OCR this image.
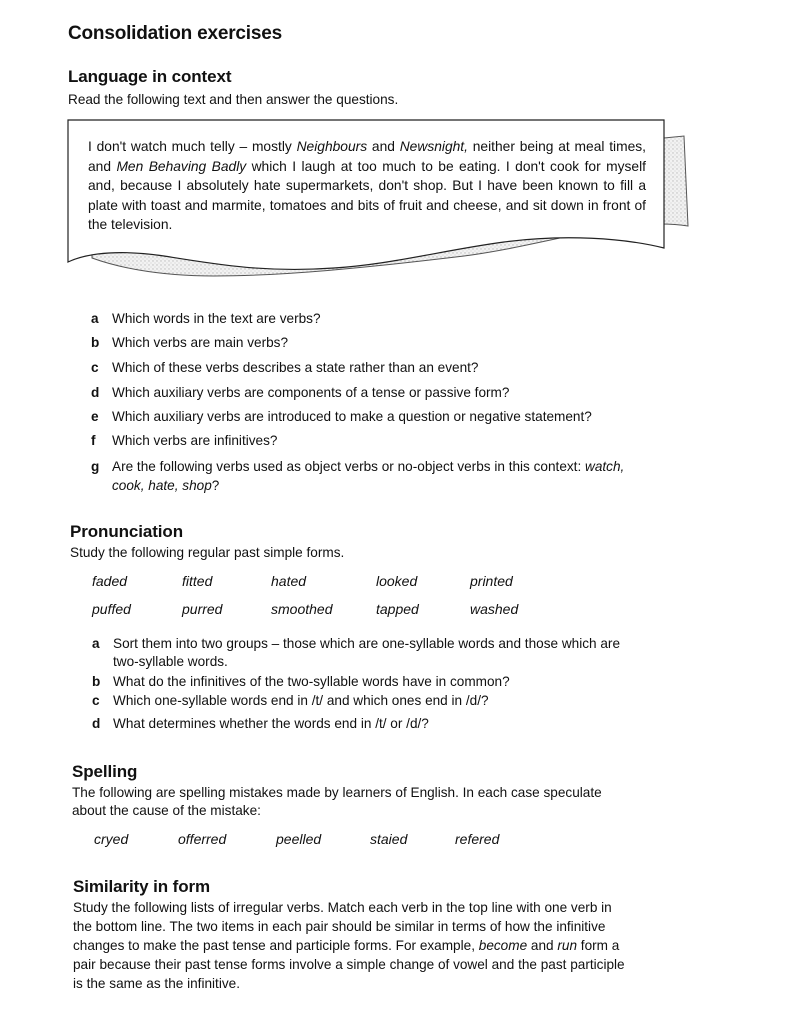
Consolidation exercises
Language in context
Read the following text and then answer the questions.
I don't watch much telly – mostly Neighbours and Newsnight, neither being at meal times, and Men Behaving Badly which I laugh at too much to be eating. I don't cook for myself and, because I absolutely hate supermarkets, don't shop. But I have been known to fill a plate with toast and marmite, tomatoes and bits of fruit and cheese, and sit down in front of the television.
a Which words in the text are verbs?
b Which verbs are main verbs?
c Which of these verbs describes a state rather than an event?
d Which auxiliary verbs are components of a tense or passive form?
e Which auxiliary verbs are introduced to make a question or negative statement?
f Which verbs are infinitives?
g Are the following verbs used as object verbs or no-object verbs in this context: watch,
cook, hate, shop?
Pronunciation
Study the following regular past simple forms.
faded	fitted	hated	looked	printed
puffed	purred	smoothed	tapped	washed
a Sort them into two groups – those which are one-syllable words and those which are
two-syllable words.
b What do the infinitives of the two-syllable words have in common?
c Which one-syllable words end in /t/ and which ones end in /d/?
d What determines whether the words end in /t/ or /d/?
Spelling
The following are spelling mistakes made by learners of English. In each case speculate
about the cause of the mistake:
cryed	offerred	peelled	staied	refered
Similarity in form
Study the following lists of irregular verbs. Match each verb in the top line with one verb in
the bottom line. The two items in each pair should be similar in terms of how the infinitive
changes to make the past tense and participle forms. For example, become and run form a
pair because their past tense forms involve a simple change of vowel and the past participle
is the same as the infinitive.
